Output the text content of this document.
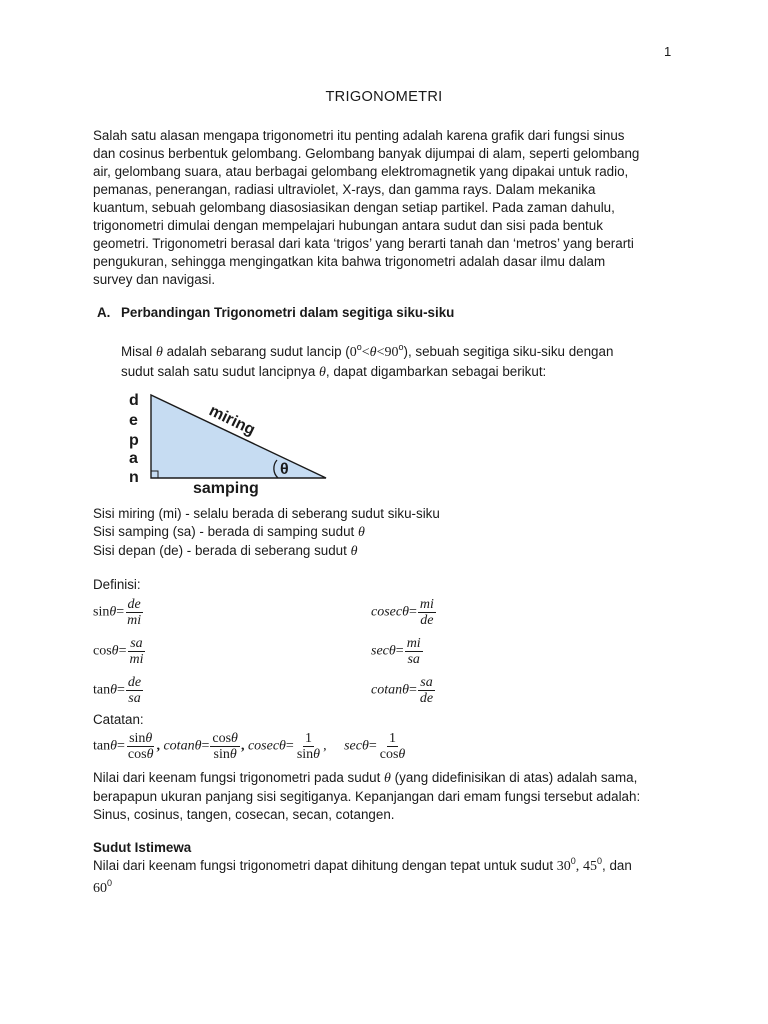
1
TRIGONOMETRI
Salah satu alasan mengapa trigonometri itu penting adalah karena grafik dari fungsi sinus
dan cosinus berbentuk gelombang. Gelombang banyak dijumpai di alam, seperti gelombang
air, gelombang suara, atau berbagai gelombang elektromagnetik yang dipakai untuk radio,
pemanas, penerangan, radiasi ultraviolet, X-rays, dan gamma rays. Dalam mekanika
kuantum, sebuah gelombang diasosiasikan dengan setiap partikel. Pada zaman dahulu,
trigonometri dimulai dengan mempelajari hubungan antara sudut dan sisi pada bentuk
geometri. Trigonometri berasal dari kata ‘trigos’ yang berarti tanah dan ‘metros’ yang berarti
pengukuran, sehingga mengingatkan kita bahwa trigonometri adalah dasar ilmu dalam
survey dan navigasi.
A. Perbandingan Trigonometri dalam segitiga siku-siku
Misal θ adalah sebarang sudut lancip $(0^o<\theta<90^o)$, sebuah segitiga siku-siku dengan
sudut salah satu sudut lancipnya θ, dapat digambarkan sebagai berikut:
d
e
p
a
n
miring
samping
θ
Sisi miring (mi) - selalu berada di seberang sudut siku-siku
Sisi samping (sa) - berada di samping sudut θ
Sisi depan (de) - berada di seberang sudut θ
Definisi:
$\sin\theta= \frac{de}{mi}$
$\cos\theta= \frac{sa}{mi}$
$\tan\theta= \frac{de}{sa}$
$cosec\theta= \frac{mi}{de}$
$\sec\theta= \frac{mi}{sa}$
$cotan\theta= \frac{sa}{de}$
Catatan:
$\tan\theta= \frac{\sin\theta}{\cos\theta}$ , $cotan\theta= \frac{\cos\theta}{\sin\theta}$ , $cosec\theta= \frac{1}{\sin\theta}$ , $\sec\theta= \frac{1}{\cos\theta}$
Nilai dari keenam fungsi trigonometri pada sudut θ (yang didefinisikan di atas) adalah sama,
berapapun ukuran panjang sisi segitiganya. Kepanjangan dari emam fungsi tersebut adalah:
Sinus, cosinus, tangen, cosecan, secan, cotangen.
Sudut Istimewa
Nilai dari keenam fungsi trigonometri dapat dihitung dengan tepat untuk sudut $30^0$, $45^0$, dan
$60^0$
